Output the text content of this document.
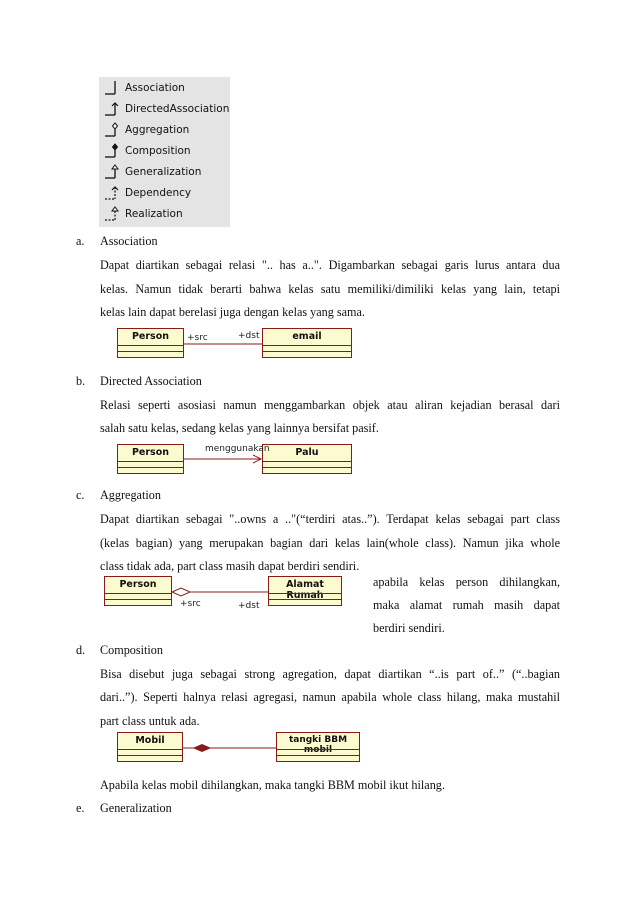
Association
DirectedAssociation
Aggregation
Composition
Generalization
Dependency
Realization
a. Association
Dapat diartikan sebagai relasi ".. has a..". Digambarkan sebagai garis lurus antara dua
kelas. Namun tidak berarti bahwa kelas satu memiliki/dimiliki kelas yang lain, tetapi
kelas lain dapat berelasi juga dengan kelas yang sama.
Person	email
+src	+dst
b. Directed Association
Relasi seperti asosiasi namun menggambarkan objek atau aliran kejadian berasal dari
salah satu kelas, sedang kelas yang lainnya bersifat pasif.
Person	Palu
menggunakan
c. Aggregation
Dapat diartikan sebagai "..owns a .."(“terdiri atas..”). Terdapat kelas sebagai part class
(kelas bagian) yang merupakan bagian dari kelas lain(whole class). Namun jika whole
class tidak ada, part class masih dapat berdiri sendiri.
Person	Alamat Rumah
+src	+dst
apabila kelas person dihilangkan,
maka alamat rumah masih dapat
berdiri sendiri.
d. Composition
Bisa disebut juga sebagai strong agregation, dapat diartikan “..is part of..” (“..bagian
dari..”). Seperti halnya relasi agregasi, namun apabila whole class hilang, maka mustahil
part class untuk ada.
Mobil	tangki BBM mobil
Apabila kelas mobil dihilangkan, maka tangki BBM mobil ikut hilang.
e. Generalization
